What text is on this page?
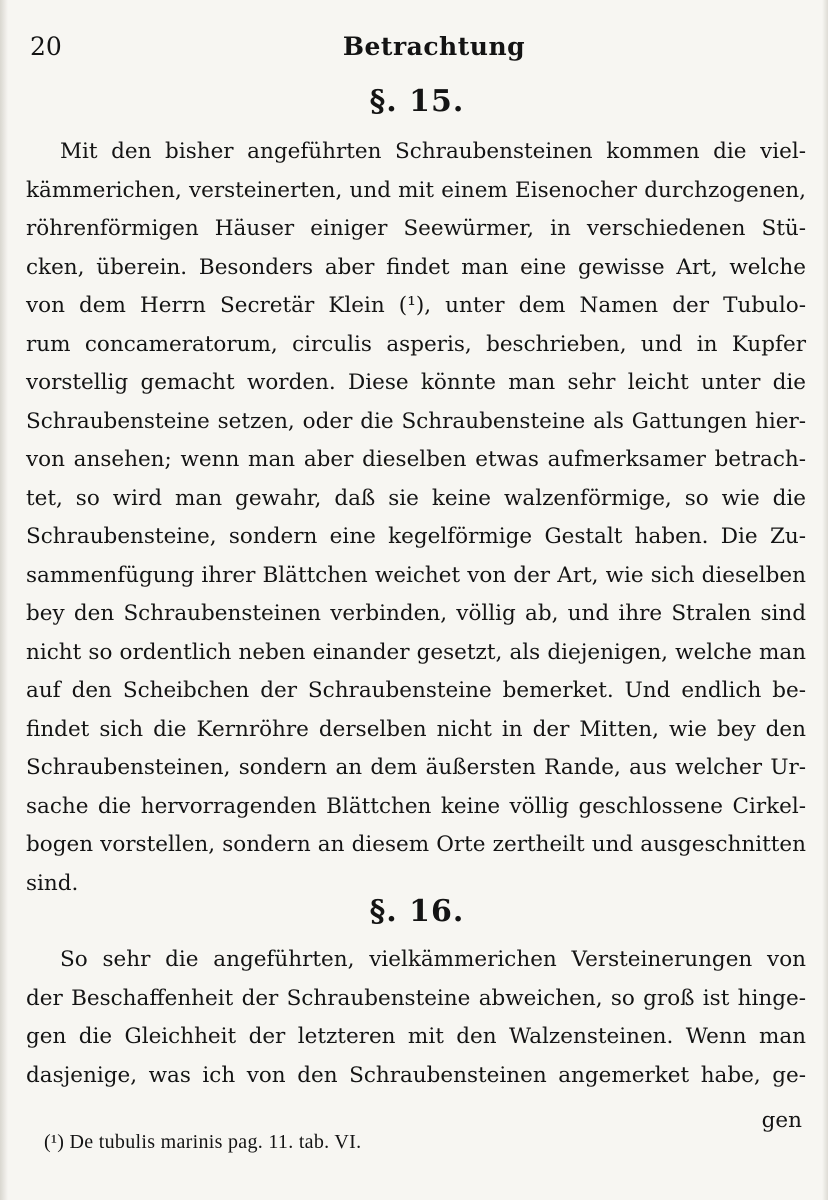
20	Betrachtung
§. 15.
Mit den bisher angeführten Schraubensteinen kommen die viel-
kämmerichen, versteinerten, und mit einem Eisenocher durchzogenen,
röhrenförmigen Häuser einiger Seewürmer, in verschiedenen Stü-
cken, überein. Besonders aber findet man eine gewisse Art, welche
von dem Herrn Secretär Klein (¹), unter dem Namen der Tubulo-
rum concameratorum, circulis asperis, beschrieben, und in Kupfer
vorstellig gemacht worden. Diese könnte man sehr leicht unter die
Schraubensteine setzen, oder die Schraubensteine als Gattungen hier-
von ansehen; wenn man aber dieselben etwas aufmerksamer betrach-
tet, so wird man gewahr, daß sie keine walzenförmige, so wie die
Schraubensteine, sondern eine kegelförmige Gestalt haben. Die Zu-
sammenfügung ihrer Blättchen weichet von der Art, wie sich dieselben
bey den Schraubensteinen verbinden, völlig ab, und ihre Stralen sind
nicht so ordentlich neben einander gesetzt, als diejenigen, welche man
auf den Scheibchen der Schraubensteine bemerket. Und endlich be-
findet sich die Kernröhre derselben nicht in der Mitten, wie bey den
Schraubensteinen, sondern an dem äußersten Rande, aus welcher Ur-
sache die hervorragenden Blättchen keine völlig geschlossene Cirkel-
bogen vorstellen, sondern an diesem Orte zertheilt und ausgeschnitten
sind.
§. 16.
So sehr die angeführten, vielkämmerichen Versteinerungen von
der Beschaffenheit der Schraubensteine abweichen, so groß ist hinge-
gen die Gleichheit der letzteren mit den Walzensteinen. Wenn man
dasjenige, was ich von den Schraubensteinen angemerket habe, ge-
gen
(¹) De tubulis marinis pag. 11. tab. VI.
